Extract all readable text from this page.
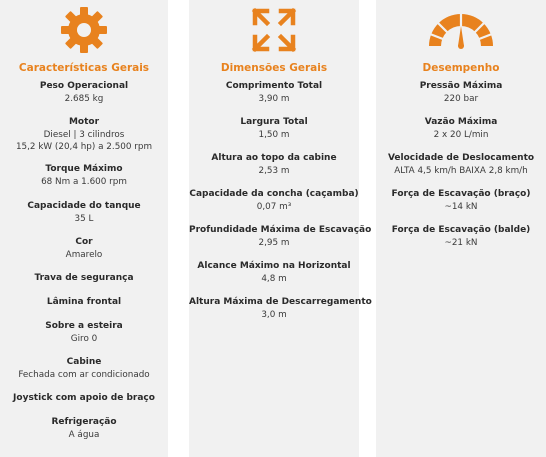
Características Gerais
Peso Operacional
2.685 kg
Motor
Diesel | 3 cilindros
15,2 kW (20,4 hp) a 2.500 rpm
Torque Máximo
68 Nm a 1.600 rpm
Capacidade do tanque
35 L
Cor
Amarelo
Trava de segurança
Lâmina frontal
Sobre a esteira
Giro 0
Cabine
Fechada com ar condicionado
Joystick com apoio de braço
Refrigeração
A água
Dimensões Gerais
Comprimento Total
3,90 m
Largura Total
1,50 m
Altura ao topo da cabine
2,53 m
Capacidade da concha (caçamba)
0,07 m³
Profundidade Máxima de Escavação
2,95 m
Alcance Máximo na Horizontal
4,8 m
Altura Máxima de Descarregamento
3,0 m
Desempenho
Pressão Máxima
220 bar
Vazão Máxima
2 x 20 L/min
Velocidade de Deslocamento
ALTA 4,5 km/h BAIXA 2,8 km/h
Força de Escavação (braço)
~14 kN
Força de Escavação (balde)
~21 kN
